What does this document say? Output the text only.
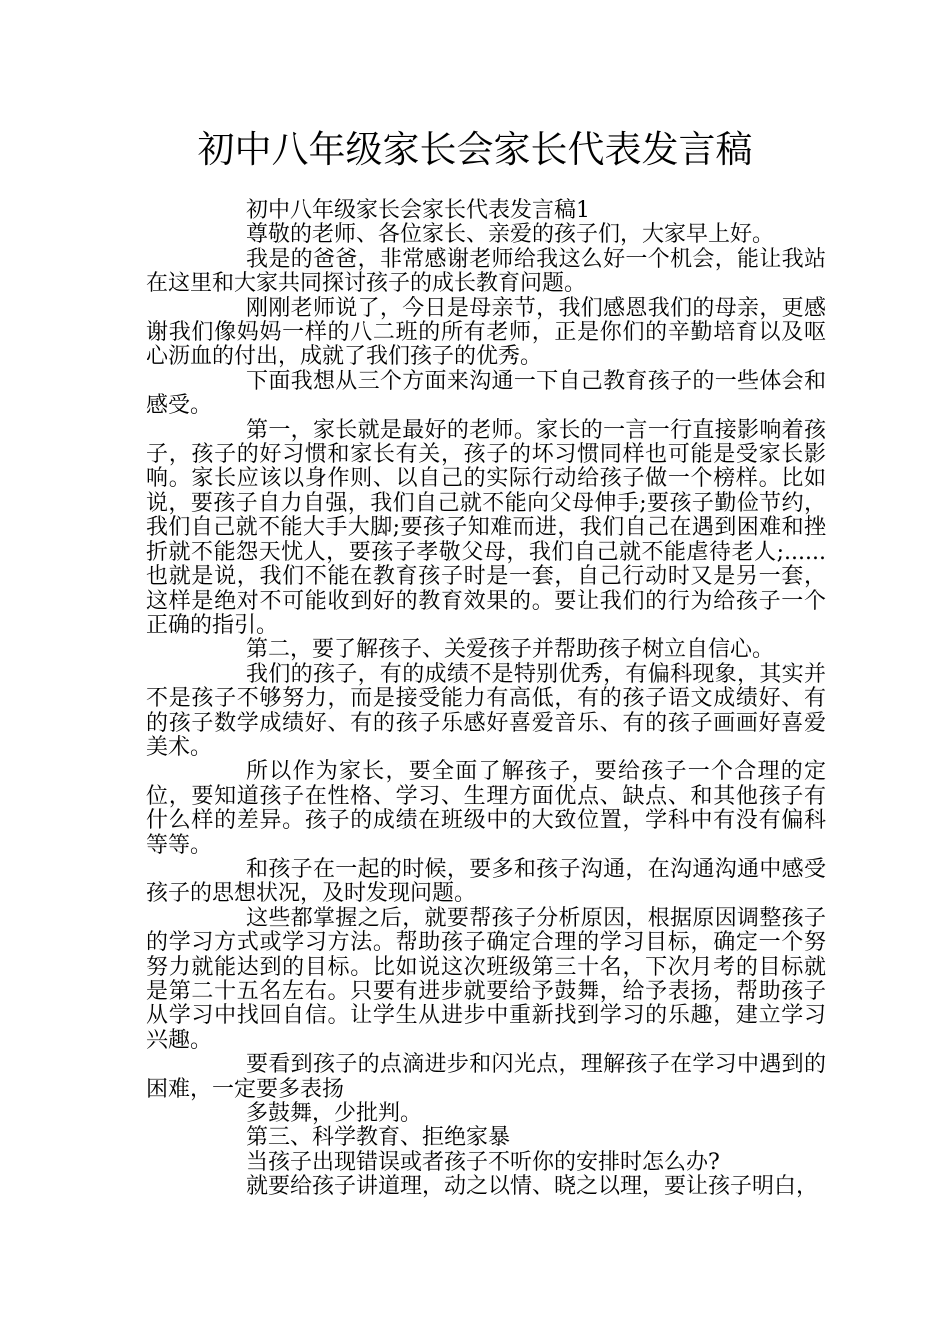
初中八年级家长会家长代表发言稿

初中八年级家长会家长代表发言稿1

尊敬的老师、各位家长、亲爱的孩子们，大家早上好。

我是的爸爸，非常感谢老师给我这么好一个机会，能让我站在这里和大家共同探讨孩子的成长教育问题。

刚刚老师说了，今日是母亲节，我们感恩我们的母亲，更感谢我们像妈妈一样的八二班的所有老师，正是你们的辛勤培育以及呕心沥血的付出，成就了我们孩子的优秀。

下面我想从三个方面来沟通一下自己教育孩子的一些体会和感受。

第一，家长就是最好的老师。家长的一言一行直接影响着孩子，孩子的好习惯和家长有关，孩子的坏习惯同样也可能是受家长影响。家长应该以身作则、以自己的实际行动给孩子做一个榜样。比如说，要孩子自力自强，我们自己就不能向父母伸手;要孩子勤俭节约，我们自己就不能大手大脚;要孩子知难而进，我们自己在遇到困难和挫折就不能怨天忧人，要孩子孝敬父母，我们自己就不能虐待老人;......也就是说，我们不能在教育孩子时是一套，自己行动时又是另一套，这样是绝对不可能收到好的教育效果的。要让我们的行为给孩子一个正确的指引。

第二，要了解孩子、关爱孩子并帮助孩子树立自信心。

我们的孩子，有的成绩不是特别优秀，有偏科现象，其实并不是孩子不够努力，而是接受能力有高低，有的孩子语文成绩好、有的孩子数学成绩好、有的孩子乐感好喜爱音乐、有的孩子画画好喜爱美术。

所以作为家长，要全面了解孩子，要给孩子一个合理的定位，要知道孩子在性格、学习、生理方面优点、缺点、和其他孩子有什么样的差异。孩子的成绩在班级中的大致位置，学科中有没有偏科等等。

和孩子在一起的时候，要多和孩子沟通，在沟通沟通中感受孩子的思想状况，及时发现问题。

这些都掌握之后，就要帮孩子分析原因，根据原因调整孩子的学习方式或学习方法。帮助孩子确定合理的学习目标，确定一个努努力就能达到的目标。比如说这次班级第三十名，下次月考的目标就是第二十五名左右。只要有进步就要给予鼓舞，给予表扬，帮助孩子从学习中找回自信。让学生从进步中重新找到学习的乐趣，建立学习兴趣。

要看到孩子的点滴进步和闪光点，理解孩子在学习中遇到的困难，一定要多表扬

多鼓舞，少批判。

第三、科学教育、拒绝家暴

当孩子出现错误或者孩子不听你的安排时怎么办?

就要给孩子讲道理，动之以情、晓之以理，要让孩子明白，
